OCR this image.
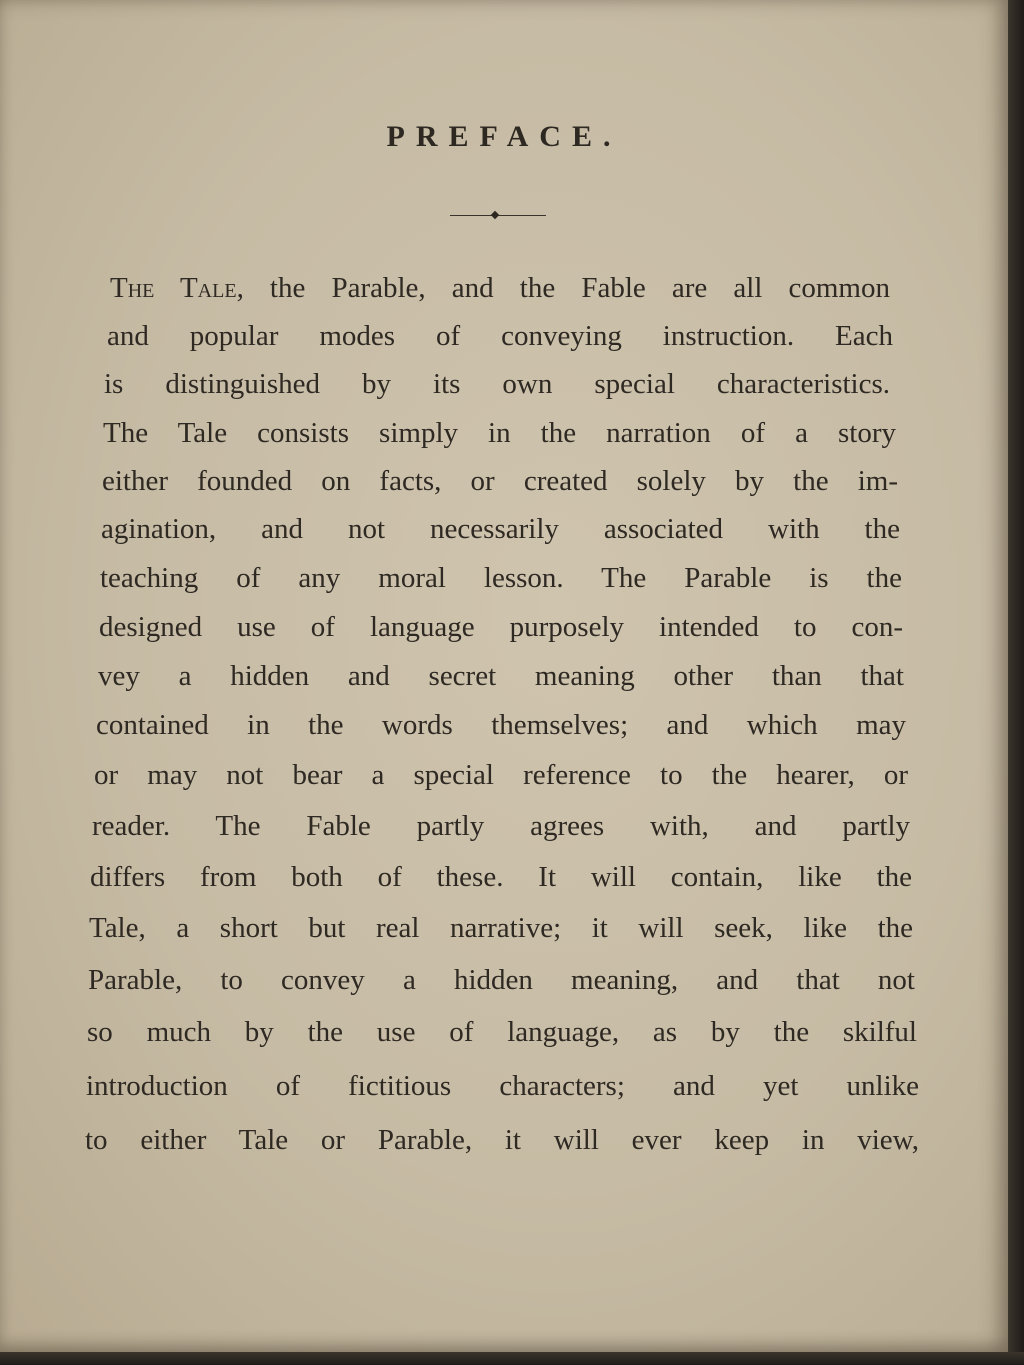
PREFACE.
The Tale, the Parable, and the Fable are all common
and popular modes of conveying instruction. Each
is distinguished by its own special characteristics.
The Tale consists simply in the narration of a story
either founded on facts, or created solely by the im-
agination, and not necessarily associated with the
teaching of any moral lesson. The Parable is the
designed use of language purposely intended to con-
vey a hidden and secret meaning other than that
contained in the words themselves; and which may
or may not bear a special reference to the hearer, or
reader. The Fable partly agrees with, and partly
differs from both of these. It will contain, like the
Tale, a short but real narrative; it will seek, like the
Parable, to convey a hidden meaning, and that not
so much by the use of language, as by the skilful
introduction of fictitious characters; and yet unlike
to either Tale or Parable, it will ever keep in view,
